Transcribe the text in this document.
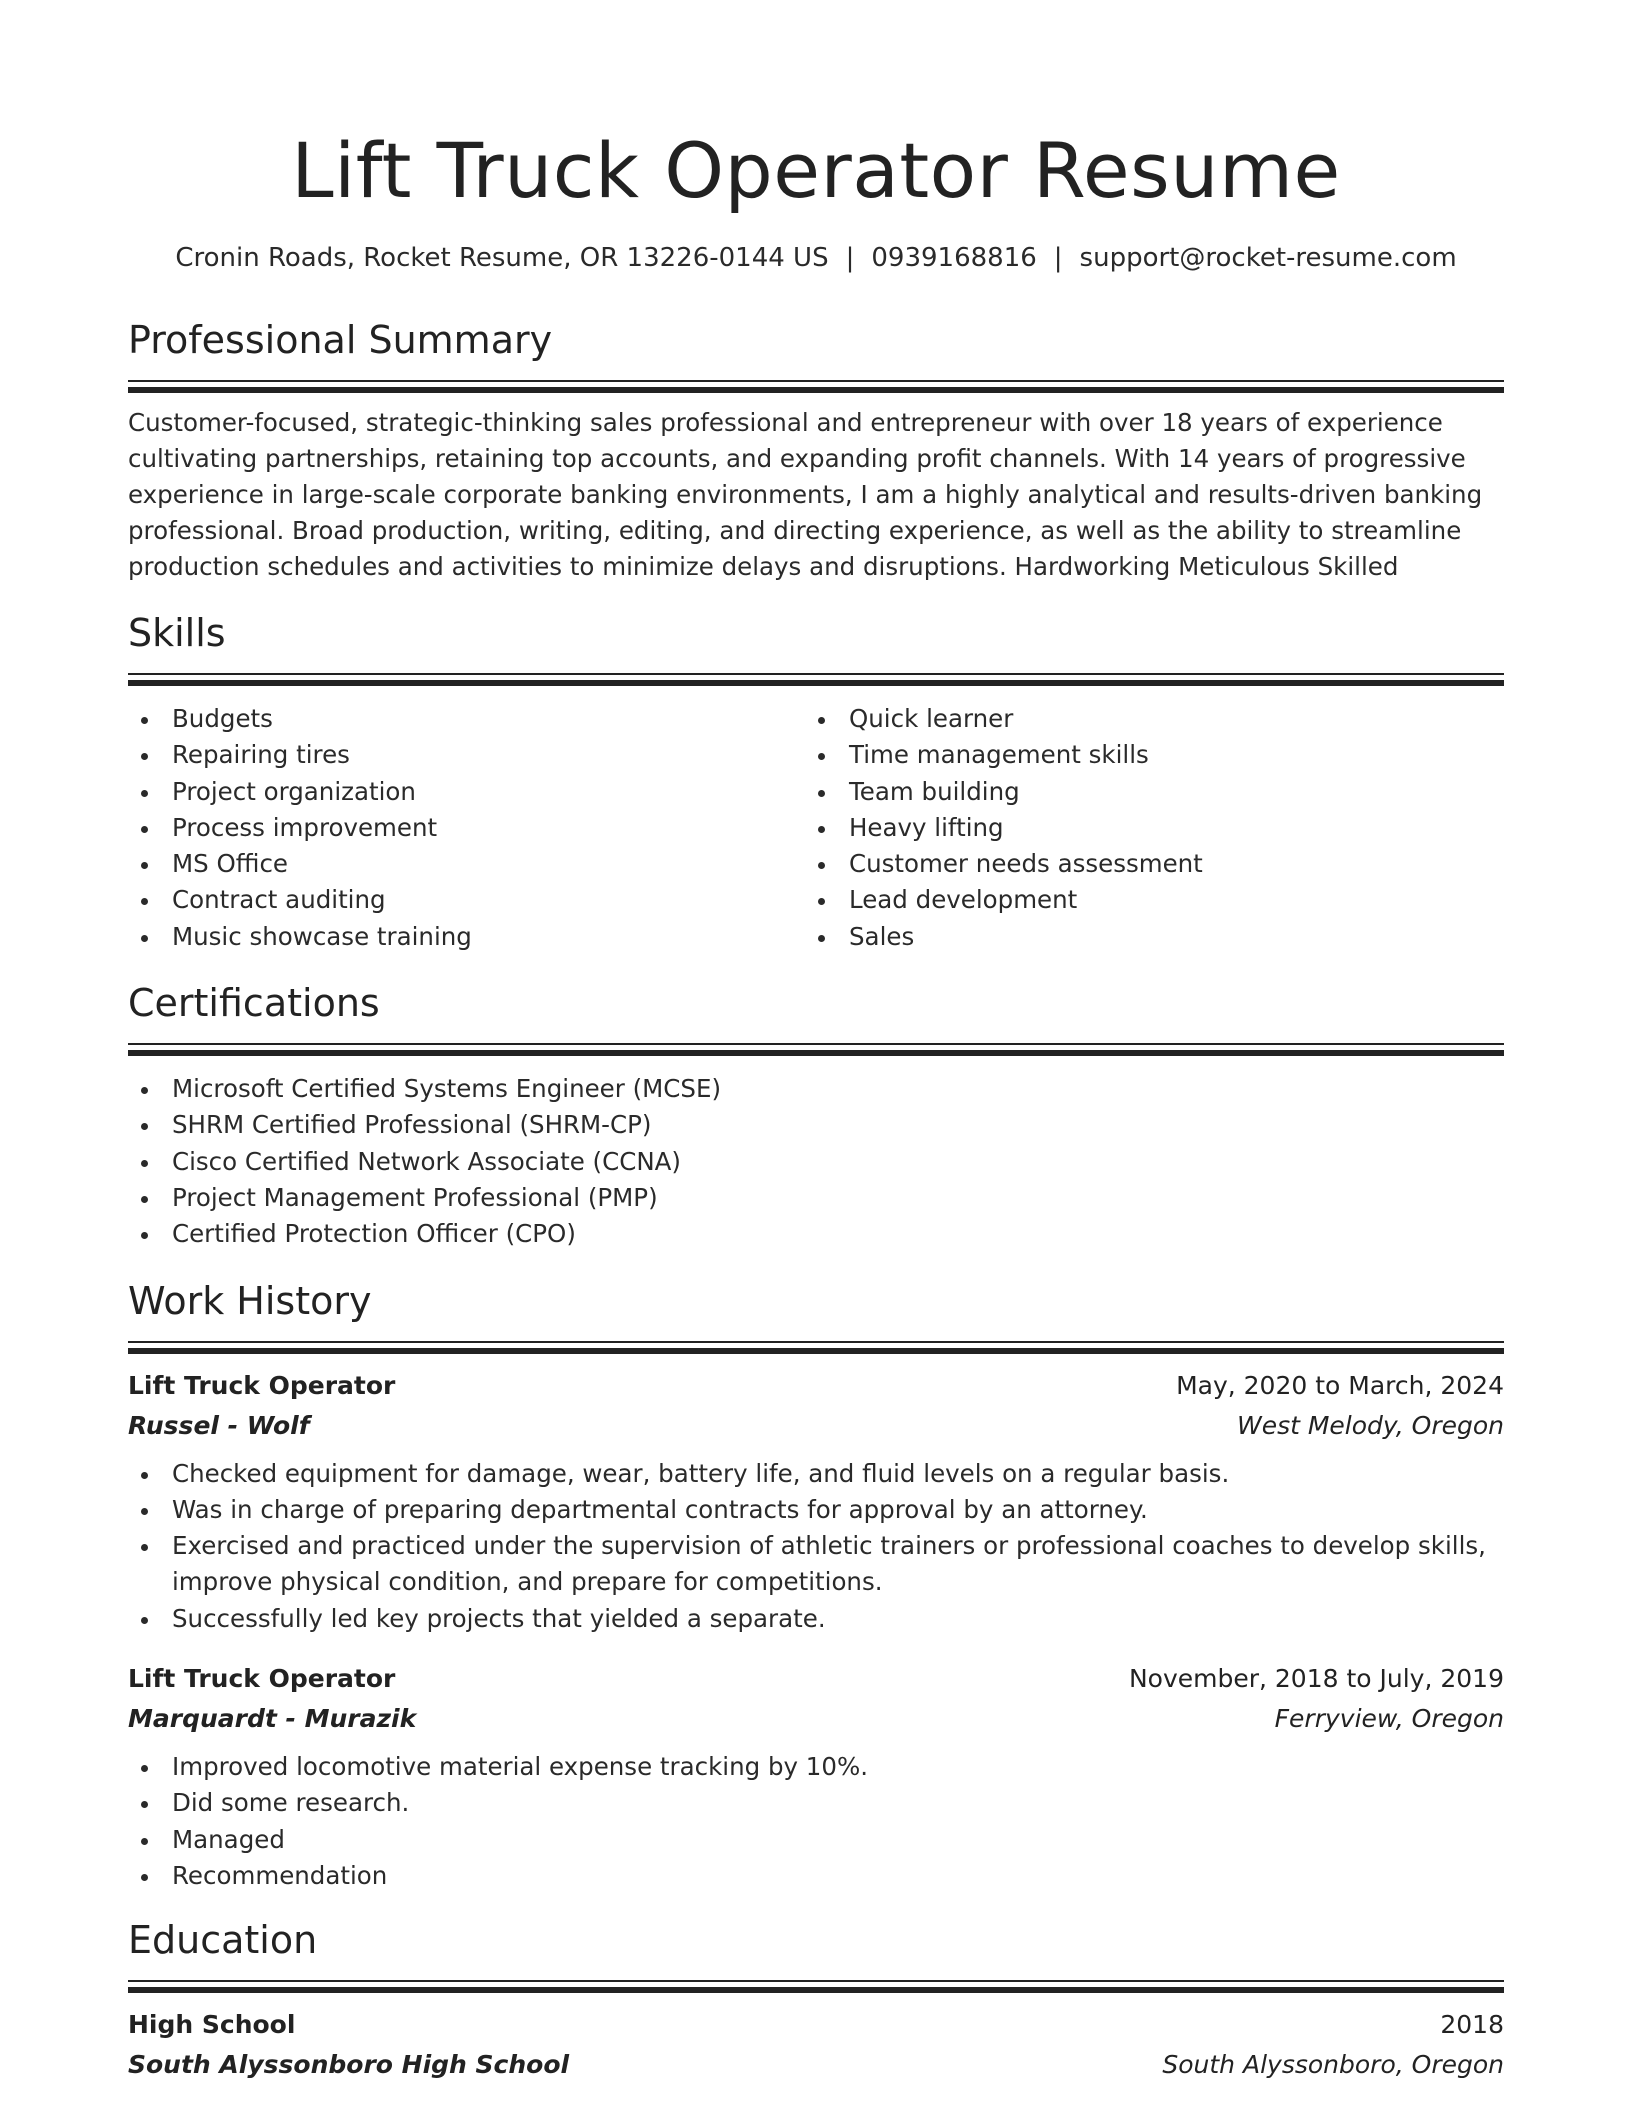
Lift Truck Operator Resume
Cronin Roads, Rocket Resume, OR 13226-0144 US | 0939168816 | support@rocket-resume.com
Professional Summary
Customer-focused, strategic-thinking sales professional and entrepreneur with over 18 years of experience cultivating partnerships, retaining top accounts, and expanding profit channels. With 14 years of progressive experience in large-scale corporate banking environments, I am a highly analytical and results-driven banking professional. Broad production, writing, editing, and directing experience, as well as the ability to streamline production schedules and activities to minimize delays and disruptions. Hardworking Meticulous Skilled
Skills
Budgets
Repairing tires
Project organization
Process improvement
MS Office
Contract auditing
Music showcase training
Quick learner
Time management skills
Team building
Heavy lifting
Customer needs assessment
Lead development
Sales
Certifications
Microsoft Certified Systems Engineer (MCSE)
SHRM Certified Professional (SHRM-CP)
Cisco Certified Network Associate (CCNA)
Project Management Professional (PMP)
Certified Protection Officer (CPO)
Work History
Lift Truck Operator	May, 2020 to March, 2024
Russel - Wolf	West Melody, Oregon
Checked equipment for damage, wear, battery life, and fluid levels on a regular basis.
Was in charge of preparing departmental contracts for approval by an attorney.
Exercised and practiced under the supervision of athletic trainers or professional coaches to develop skills, improve physical condition, and prepare for competitions.
Successfully led key projects that yielded a separate.
Lift Truck Operator	November, 2018 to July, 2019
Marquardt - Murazik	Ferryview, Oregon
Improved locomotive material expense tracking by 10%.
Did some research.
Managed
Recommendation
Education
High School	2018
South Alyssonboro High School	South Alyssonboro, Oregon
